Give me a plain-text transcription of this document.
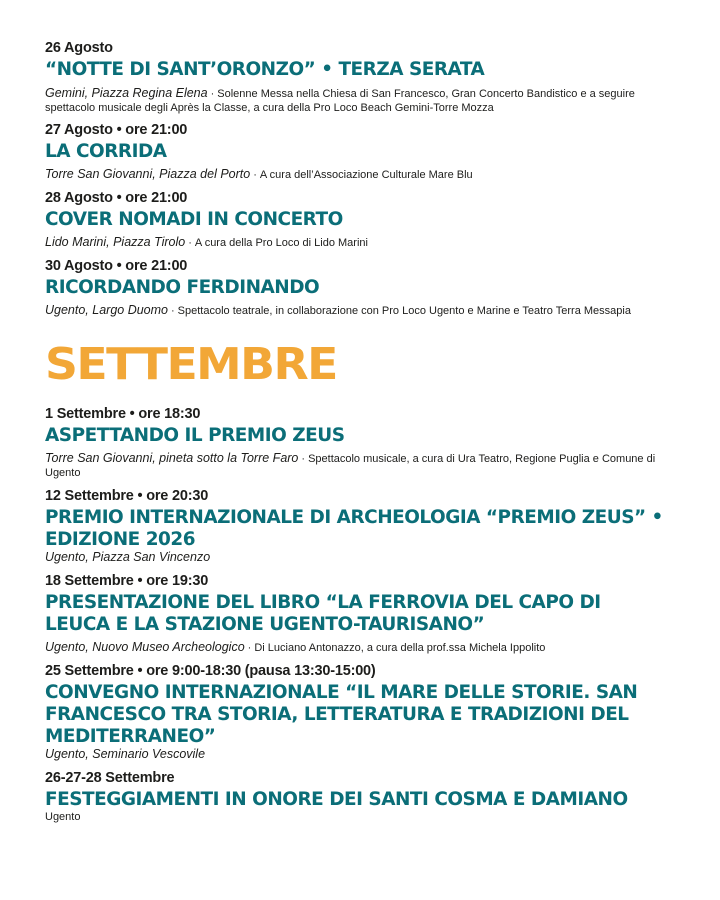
26 Agosto
“NOTTE DI SANT’ORONZO” • TERZA SERATA
Gemini, Piazza Regina Elena · Solenne Messa nella Chiesa di San Francesco, Gran Concerto Bandistico e a seguire spettacolo musicale degli Après la Classe, a cura della Pro Loco Beach Gemini-Torre Mozza
27 Agosto • ore 21:00
LA CORRIDA
Torre San Giovanni, Piazza del Porto · A cura dell’Associazione Culturale Mare Blu
28 Agosto • ore 21:00
COVER NOMADI IN CONCERTO
Lido Marini, Piazza Tirolo · A cura della Pro Loco di Lido Marini
30 Agosto • ore 21:00
RICORDANDO FERDINANDO
Ugento, Largo Duomo · Spettacolo teatrale, in collaborazione con Pro Loco Ugento e Marine e Teatro Terra Messapia
SETTEMBRE
1 Settembre • ore 18:30
ASPETTANDO IL PREMIO ZEUS
Torre San Giovanni, pineta sotto la Torre Faro · Spettacolo musicale, a cura di Ura Teatro, Regione Puglia e Comune di Ugento
12 Settembre • ore 20:30
PREMIO INTERNAZIONALE DI ARCHEOLOGIA “PREMIO ZEUS” • EDIZIONE 2026
Ugento, Piazza San Vincenzo
18 Settembre • ore 19:30
PRESENTAZIONE DEL LIBRO “LA FERROVIA DEL CAPO DI LEUCA E LA STAZIONE UGENTO-TAURISANO”
Ugento, Nuovo Museo Archeologico · Di Luciano Antonazzo, a cura della prof.ssa Michela Ippolito
25 Settembre • ore 9:00-18:30 (pausa 13:30-15:00)
CONVEGNO INTERNAZIONALE “IL MARE DELLE STORIE. SAN FRANCESCO TRA STORIA, LETTERATURA E TRADIZIONI DEL MEDITERRANEO”
Ugento, Seminario Vescovile
26-27-28 Settembre
FESTEGGIAMENTI IN ONORE DEI SANTI COSMA E DAMIANO
Ugento
